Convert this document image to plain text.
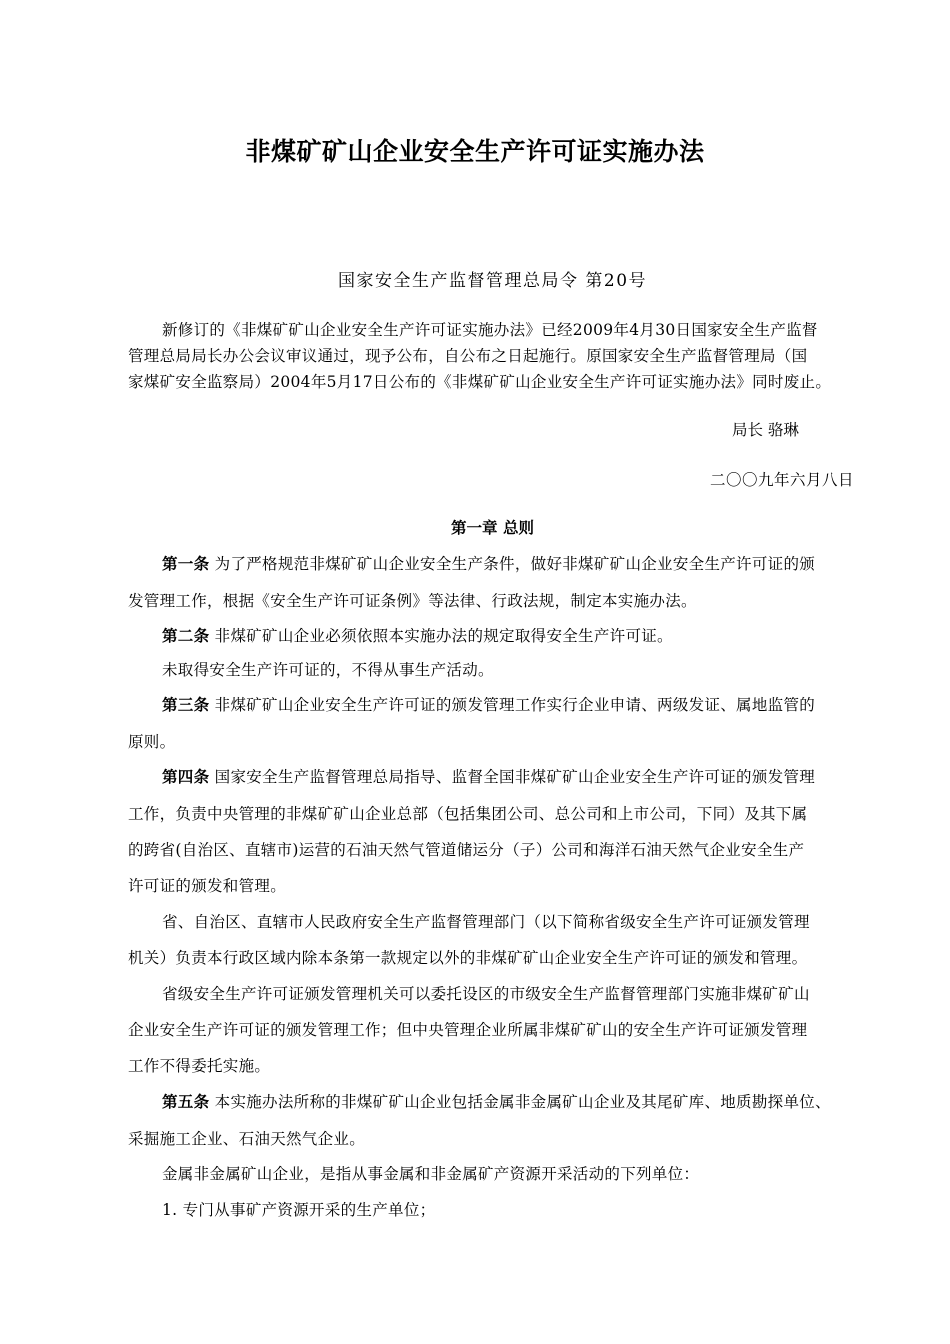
非煤矿矿山企业安全生产许可证实施办法
国家安全生产监督管理总局令 第20号
新修订的《非煤矿矿山企业安全生产许可证实施办法》已经2009年4月30日国家安全生产监督
管理总局局长办公会议审议通过，现予公布，自公布之日起施行。原国家安全生产监督管理局（国
家煤矿安全监察局）2004年5月17日公布的《非煤矿矿山企业安全生产许可证实施办法》同时废止。
局长 骆琳
二〇〇九年六月八日
第一章 总则
第一条 为了严格规范非煤矿矿山企业安全生产条件，做好非煤矿矿山企业安全生产许可证的颁
发管理工作，根据《安全生产许可证条例》等法律、行政法规，制定本实施办法。
第二条 非煤矿矿山企业必须依照本实施办法的规定取得安全生产许可证。
未取得安全生产许可证的，不得从事生产活动。
第三条 非煤矿矿山企业安全生产许可证的颁发管理工作实行企业申请、两级发证、属地监管的
原则。
第四条 国家安全生产监督管理总局指导、监督全国非煤矿矿山企业安全生产许可证的颁发管理
工作，负责中央管理的非煤矿矿山企业总部（包括集团公司、总公司和上市公司，下同）及其下属
的跨省(自治区、直辖市)运营的石油天然气管道储运分（子）公司和海洋石油天然气企业安全生产
许可证的颁发和管理。
省、自治区、直辖市人民政府安全生产监督管理部门（以下简称省级安全生产许可证颁发管理
机关）负责本行政区域内除本条第一款规定以外的非煤矿矿山企业安全生产许可证的颁发和管理。
省级安全生产许可证颁发管理机关可以委托设区的市级安全生产监督管理部门实施非煤矿矿山
企业安全生产许可证的颁发管理工作；但中央管理企业所属非煤矿矿山的安全生产许可证颁发管理
工作不得委托实施。
第五条 本实施办法所称的非煤矿矿山企业包括金属非金属矿山企业及其尾矿库、地质勘探单位、
采掘施工企业、石油天然气企业。
金属非金属矿山企业，是指从事金属和非金属矿产资源开采活动的下列单位：
1. 专门从事矿产资源开采的生产单位；
